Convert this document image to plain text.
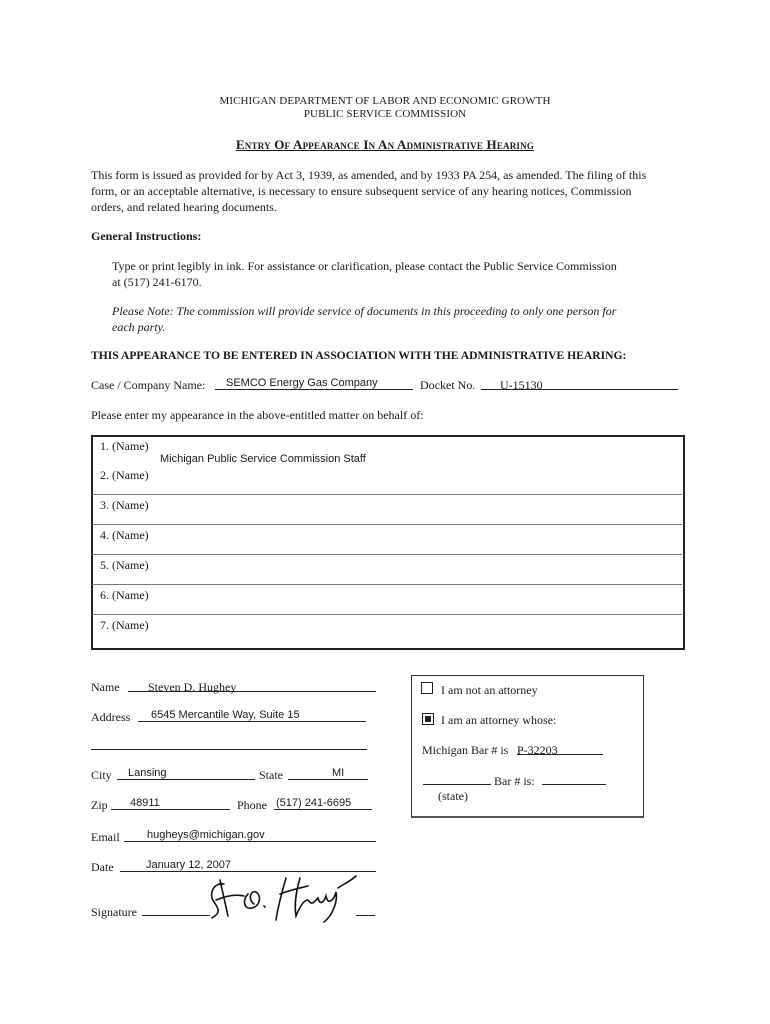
MICHIGAN DEPARTMENT OF LABOR AND ECONOMIC GROWTH
PUBLIC SERVICE COMMISSION
Entry Of Appearance In An Administrative Hearing
This form is issued as provided for by Act 3, 1939, as amended, and by 1933 PA 254, as amended. The filing of this
form, or an acceptable alternative, is necessary to ensure subsequent service of any hearing notices, Commission
orders, and related hearing documents.
General Instructions:
Type or print legibly in ink. For assistance or clarification, please contact the Public Service Commission
at (517) 241-6170.
Please Note: The commission will provide service of documents in this proceeding to only one person for
each party.
THIS APPEARANCE TO BE ENTERED IN ASSOCIATION WITH THE ADMINISTRATIVE HEARING:
Case / Company Name: SEMCO Energy Gas Company	Docket No. U-15130
Please enter my appearance in the above-entitled matter on behalf of:
1. (Name)
Michigan Public Service Commission Staff
2. (Name)
3. (Name)
4. (Name)
5. (Name)
6. (Name)
7. (Name)
Name Steven D. Hughey
Address 6545 Mercantile Way, Suite 15
City Lansing	State	MI
Zip 48911	Phone (517) 241-6695
Email hugheys@michigan.gov
Date	January 12, 2007
Signature
I am not an attorney
I am an attorney whose:
Michigan Bar # is P-32203
Bar # is:
(state)
